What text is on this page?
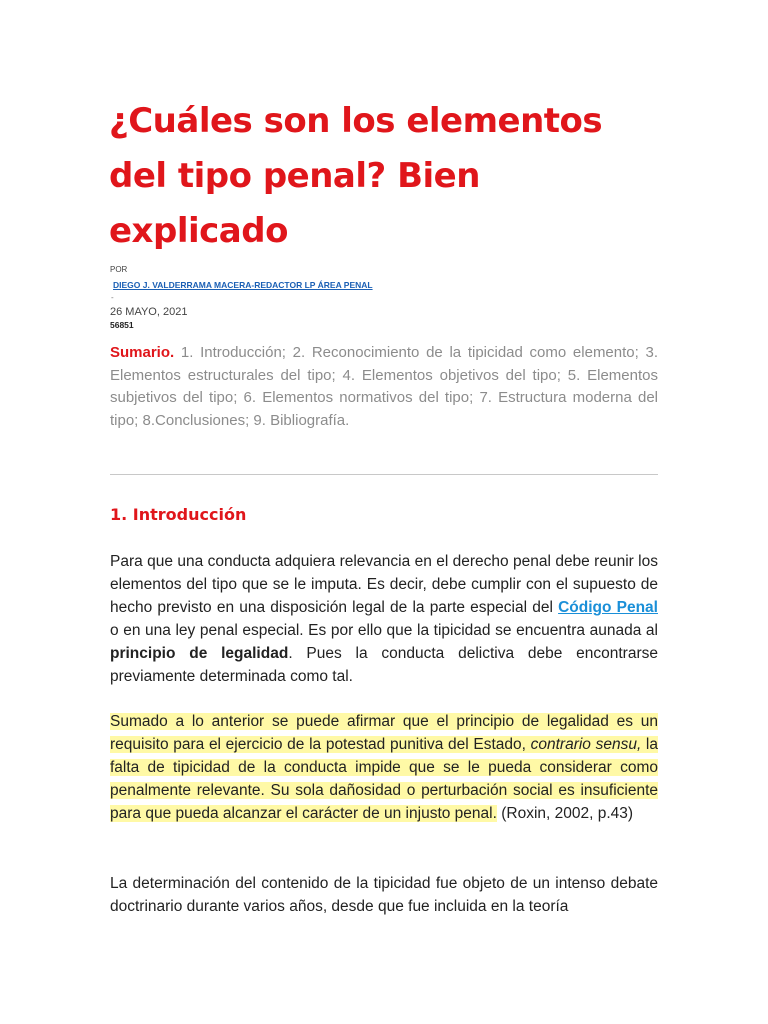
¿Cuáles son los elementos del tipo penal? Bien explicado
POR
DIEGO J. VALDERRAMA MACERA-REDACTOR LP ÁREA PENAL
-
26 MAYO, 2021
56851

Sumario. 1. Introducción; 2. Reconocimiento de la tipicidad como elemento; 3. Elementos estructurales del tipo; 4. Elementos objetivos del tipo; 5. Elementos subjetivos del tipo; 6. Elementos normativos del tipo; 7. Estructura moderna del tipo; 8.Conclusiones; 9. Bibliografía.

1. Introducción

Para que una conducta adquiera relevancia en el derecho penal debe reunir los elementos del tipo que se le imputa. Es decir, debe cumplir con el supuesto de hecho previsto en una disposición legal de la parte especial del Código Penal o en una ley penal especial. Es por ello que la tipicidad se encuentra aunada al principio de legalidad. Pues la conducta delictiva debe encontrarse previamente determinada como tal.

Sumado a lo anterior se puede afirmar que el principio de legalidad es un requisito para el ejercicio de la potestad punitiva del Estado, contrario sensu, la falta de tipicidad de la conducta impide que se le pueda considerar como penalmente relevante. Su sola dañosidad o perturbación social es insuficiente para que pueda alcanzar el carácter de un injusto penal. (Roxin, 2002, p.43)

La determinación del contenido de la tipicidad fue objeto de un intenso debate doctrinario durante varios años, desde que fue incluida en la teoría
